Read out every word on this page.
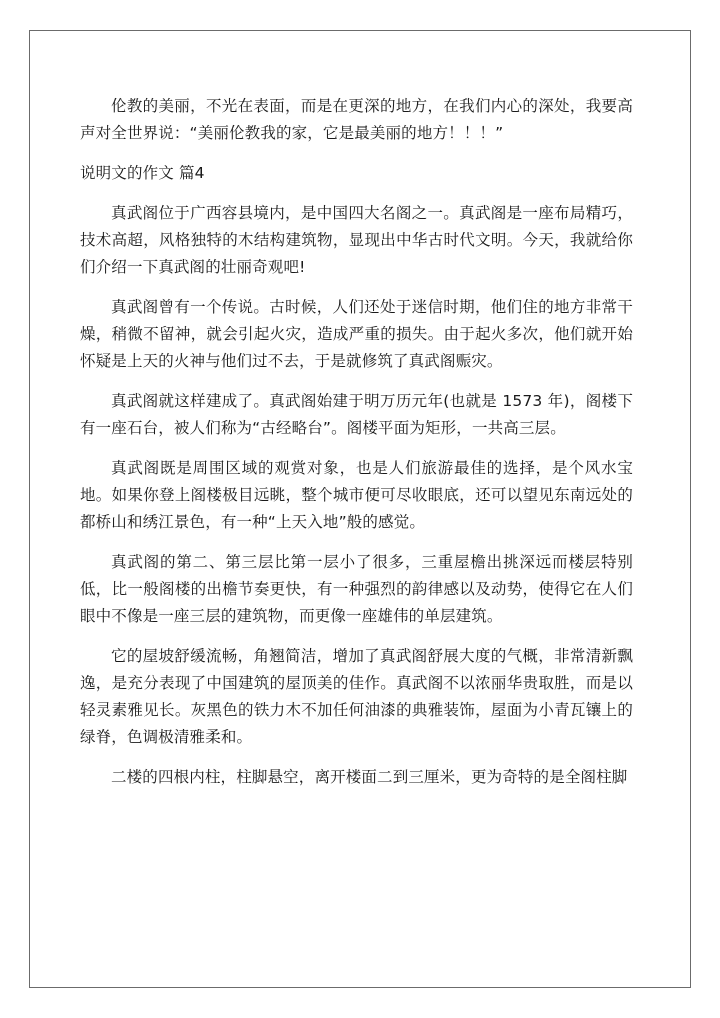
伦教的美丽，不光在表面，而是在更深的地方，在我们内心的深处，我要高声对全世界说：“美丽伦教我的家，它是最美丽的地方！！！”

说明文的作文 篇4

真武阁位于广西容县境内，是中国四大名阁之一。真武阁是一座布局精巧，技术高超，风格独特的木结构建筑物，显现出中华古时代文明。今天，我就给你们介绍一下真武阁的壮丽奇观吧!

真武阁曾有一个传说。古时候，人们还处于迷信时期，他们住的地方非常干燥，稍微不留神，就会引起火灾，造成严重的损失。由于起火多次，他们就开始怀疑是上天的火神与他们过不去，于是就修筑了真武阁赈灾。

真武阁就这样建成了。真武阁始建于明万历元年(也就是 1573 年)，阁楼下有一座石台，被人们称为“古经略台”。阁楼平面为矩形，一共高三层。

真武阁既是周围区域的观赏对象，也是人们旅游最佳的选择，是个风水宝地。如果你登上阁楼极目远眺，整个城市便可尽收眼底，还可以望见东南远处的都桥山和绣江景色，有一种“上天入地”般的感觉。

真武阁的第二、第三层比第一层小了很多，三重屋檐出挑深远而楼层特别低，比一般阁楼的出檐节奏更快，有一种强烈的韵律感以及动势，使得它在人们眼中不像是一座三层的建筑物，而更像一座雄伟的单层建筑。

它的屋坡舒缓流畅，角翘简洁，增加了真武阁舒展大度的气概，非常清新飘逸，是充分表现了中国建筑的屋顶美的佳作。真武阁不以浓丽华贵取胜，而是以轻灵素雅见长。灰黑色的铁力木不加任何油漆的典雅装饰，屋面为小青瓦镶上的绿脊，色调极清雅柔和。

二楼的四根内柱，柱脚悬空，离开楼面二到三厘米，更为奇特的是全阁柱脚
